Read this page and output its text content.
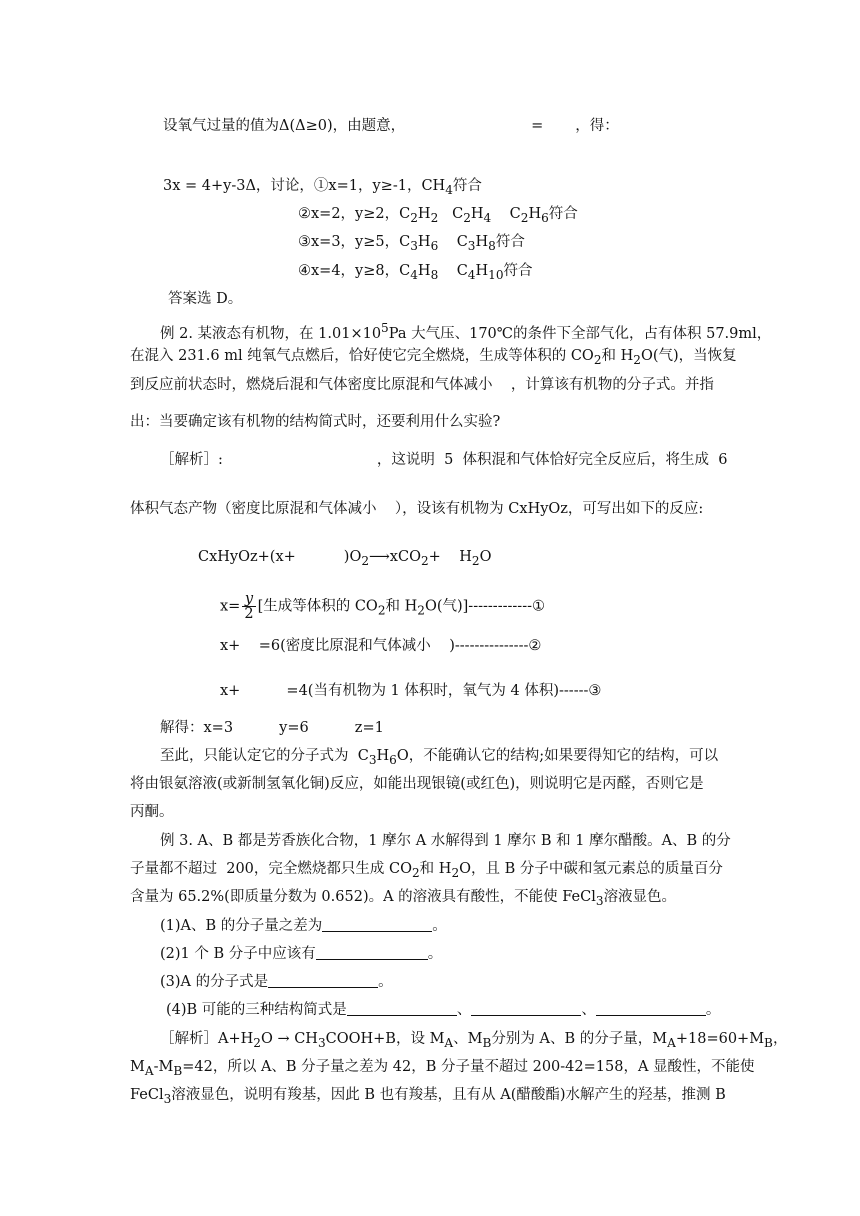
设氧气过量的值为Δ(Δ≥0)，由题意，	= ，得：
3x = 4+y-3Δ，讨论，①x=1，y≥-1，$CH_4$符合
②x=2，y≥2，$C_2H_2$ $C_2H_4$ $C_2H_6$符合
③x=3，y≥5，$C_3H_6$ $C_3H_8$符合
④x=4，y≥8，$C_4H_8$ $C_4H_{10}$符合
答案选 D。
例 2. 某液态有机物，在 $1.01\times 10^5Pa$ 大气压、170℃的条件下全部气化，占有体积 57.9ml，
在混入 231.6 ml 纯氧气点燃后，恰好使它完全燃烧，生成等体积的 $CO_2$和 $H_2O$(气)，当恢复
到反应前状态时，燃烧后混和气体密度比原混和气体减小    ，计算该有机物的分子式。并指
出：当要确定该有机物的结构简式时，还要利用什么实验?
［解析］:	，这说明  5  体积混和气体恰好完全反应后，将生成  6
体积气态产物（密度比原混和气体减小    ），设该有机物为 CxHyOz，可写出如下的反应:
CxHyOz+(x+	)$O_2⟶xCO_2+$    $H_2O$
$x= \frac{y}{2}$ [生成等体积的 $CO_2$和 $H_2O$(气)]-------------①
x+    =6(密度比原混和气体减小    )---------------②
x+          =4(当有机物为 1 体积时，氧气为 4 体积)------③
解得：x=3          y=6          z=1
至此，只能认定它的分子式为  $C_3H_6O$，不能确认它的结构;如果要得知它的结构，可以
将由银氨溶液(或新制氢氧化铜)反应，如能出现银镜(或红色)，则说明它是丙醛，否则它是
丙酮。
例 3. A、B 都是芳香族化合物，1 摩尔 A 水解得到 1 摩尔 B 和 1 摩尔醋酸。A、B 的分
子量都不超过  200，完全燃烧都只生成 $CO_2$和 $H_2O$，且 B 分子中碳和氢元素总的质量百分
含量为 65.2%(即质量分数为 0.652)。A 的溶液具有酸性，不能使 FeCl$_3$溶液显色。
(1)A、B 的分子量之差为	。
(2)1 个 B 分子中应该有	。
(3)A 的分子式是	。
(4)B 可能的三种结构简式是	、	、	。
［解析$]A+H_2O$ → $CH_3COOH+B$，设 $M_A$、$M_B$分别为 A、B 的分子量，$M_A+18=60+M_B$，
$M_A-M_B=42$，所以 A、B 分子量之差为 42，B 分子量不超过 200-42=158，A 显酸性，不能使
FeCl$_3$溶液显色，说明有羧基，因此 B 也有羧基，且有从 A(醋酸酯)水解产生的羟基，推测 B
